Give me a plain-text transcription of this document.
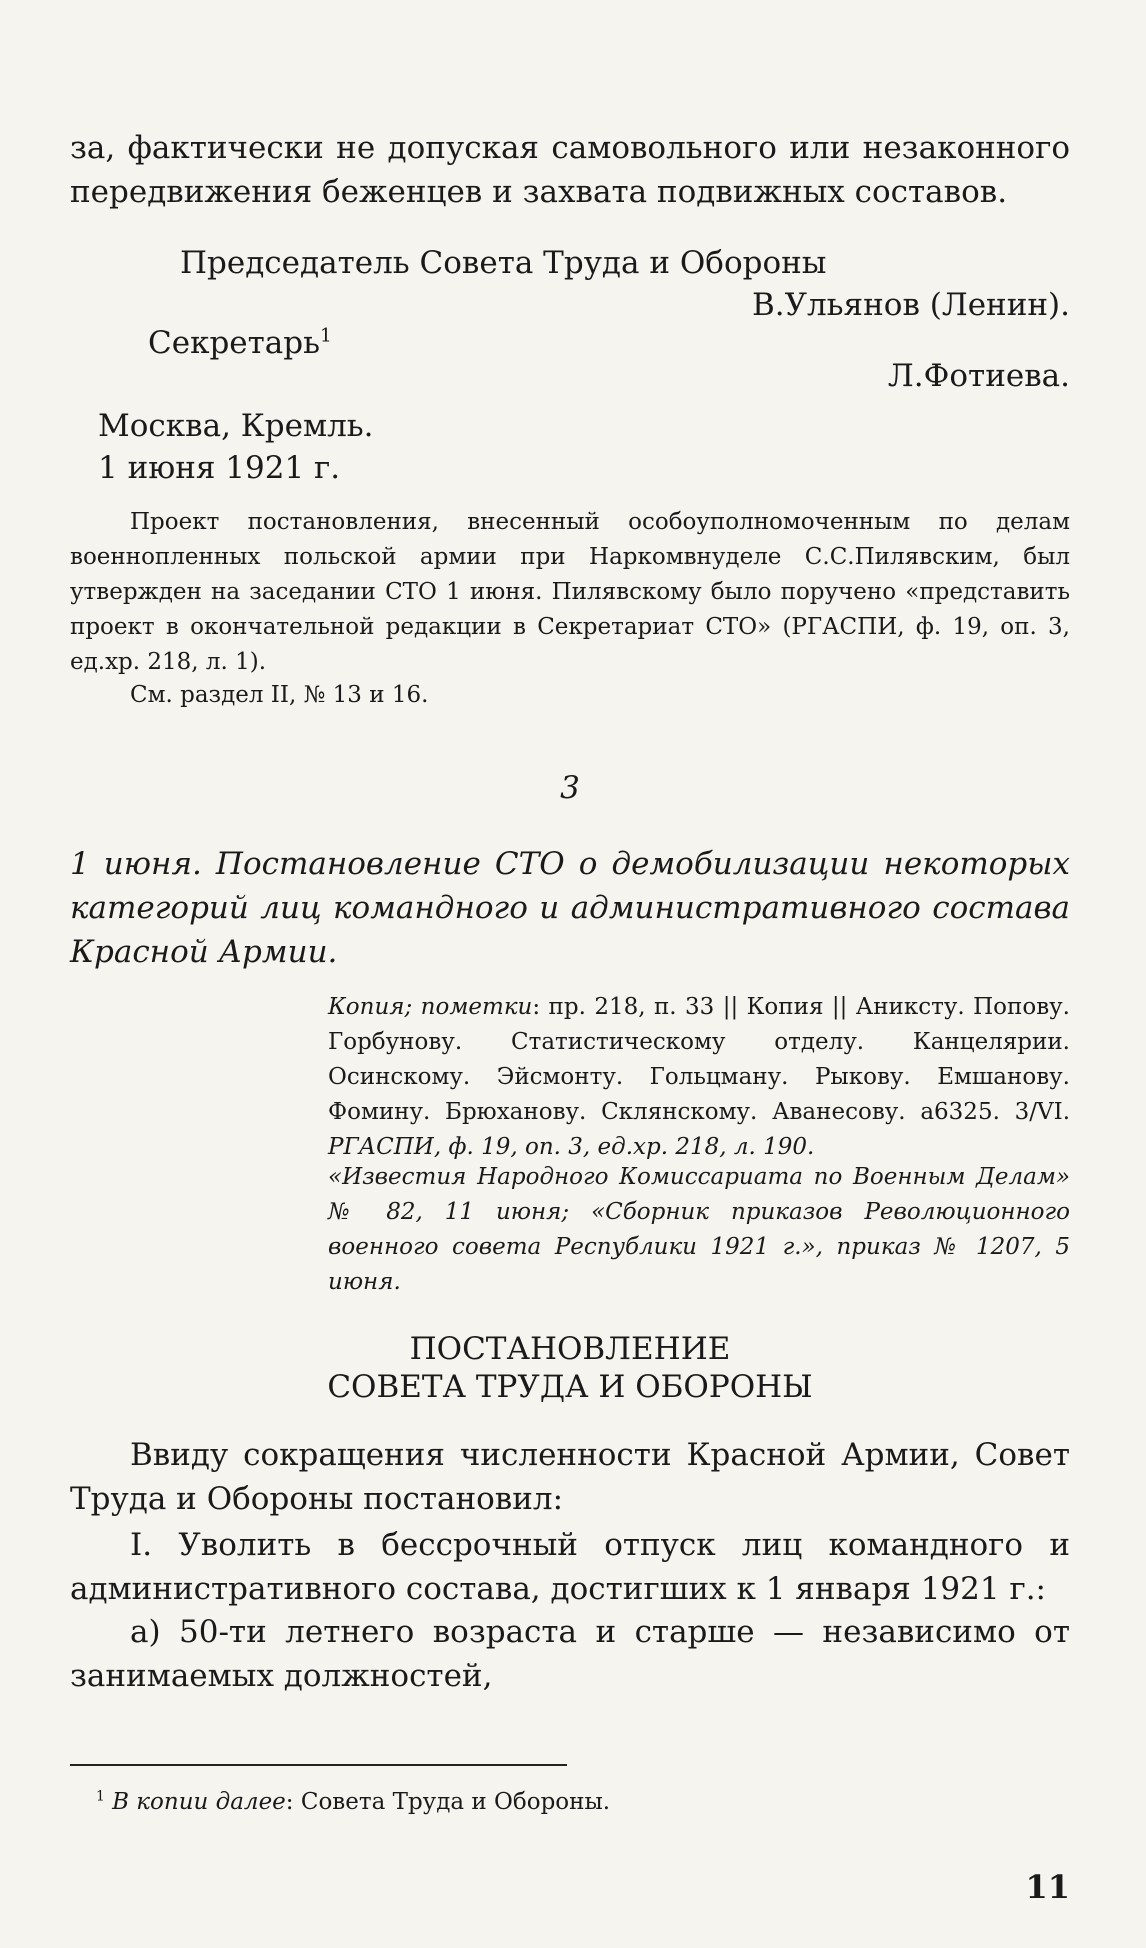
за, фактически не допуская самовольного или незаконного передвижения беженцев и захвата подвижных составов.
Председатель Совета Труда и Обороны
В.Ульянов (Ленин).
Секретарь$^1$
Л.Фотиева.
Москва, Кремль.
1 июня 1921 г.
Проект постановления, внесенный особоуполномоченным по делам военнопленных польской армии при Наркомвнуделе С.С.Пилявским, был утвержден на заседании СТО 1 июня. Пилявскому было поручено «представить проект в окончательной редакции в Секретариат СТО» (РГАСПИ, ф. 19, оп. 3, ед.хр. 218, л. 1).
См. раздел II, № 13 и 16.
3
1 июня. Постановление СТО о демобилизации некоторых категорий лиц командного и административного состава Красной Армии.
Копия; пометки: пр. 218, п. 33 || Копия || Аниксту. Попову. Горбунову. Статистическому отделу. Канцелярии. Осинскому. Эйсмонту. Гольцману. Рыкову. Емшанову. Фомину. Брюханову. Склянскому. Аванесову. а6325. 3/VI. РГАСПИ, ф. 19, оп. 3, ед.хр. 218, л. 190.
«Известия Народного Комиссариата по Военным Делам» № 82, 11 июня; «Сборник приказов Революционного военного совета Республики 1921 г.», приказ № 1207, 5 июня.
ПОСТАНОВЛЕНИЕ
СОВЕТА ТРУДА И ОБОРОНЫ
Ввиду сокращения численности Красной Армии, Совет Труда и Обороны постановил:
I. Уволить в бессрочный отпуск лиц командного и административного состава, достигших к 1 января 1921 г.:
а) 50-ти летнего возраста и старше — независимо от занимаемых должностей,
$^1$ В копии далее: Совета Труда и Обороны.
11
